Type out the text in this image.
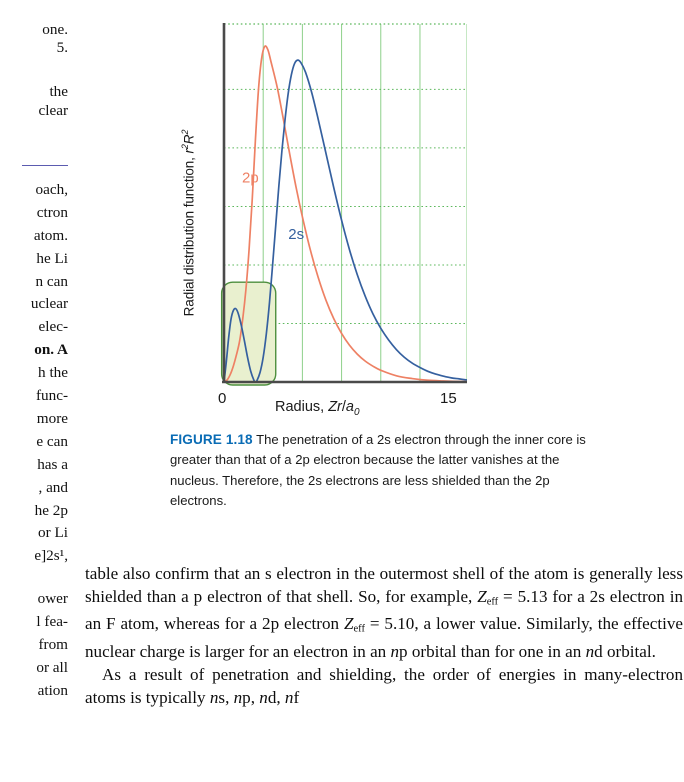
one.
5.
the
clear
oach,
ctron
atom.
he Li
n can
uclear
elec-
on. A
h the
func-
more
e can
has a
, and
he 2p
or Li
e]2s¹,
ower
l fea-
from
or all
ation
Radial distribution function, $r^2R^2$
2p
2s
0	15
Radius, $Zr/a_0$
FIGURE 1.18 The penetration of a 2s electron through the inner core is greater than that of a 2p electron because the latter vanishes at the nucleus. Therefore, the 2s electrons are less shielded than the 2p electrons.

table also confirm that an s electron in the outermost shell of the atom is generally less shielded than a p electron of that shell. So, for example, $Z_{eff} = 5.13$ for a 2s electron in an F atom, whereas for a 2p electron $Z_{eff} = 5.10$, a lower value. Similarly, the effective nuclear charge is larger for an electron in an np orbital than for one in an nd orbital.

As a result of penetration and shielding, the order of energies in many-electron atoms is typically ns, np, nd, nf
